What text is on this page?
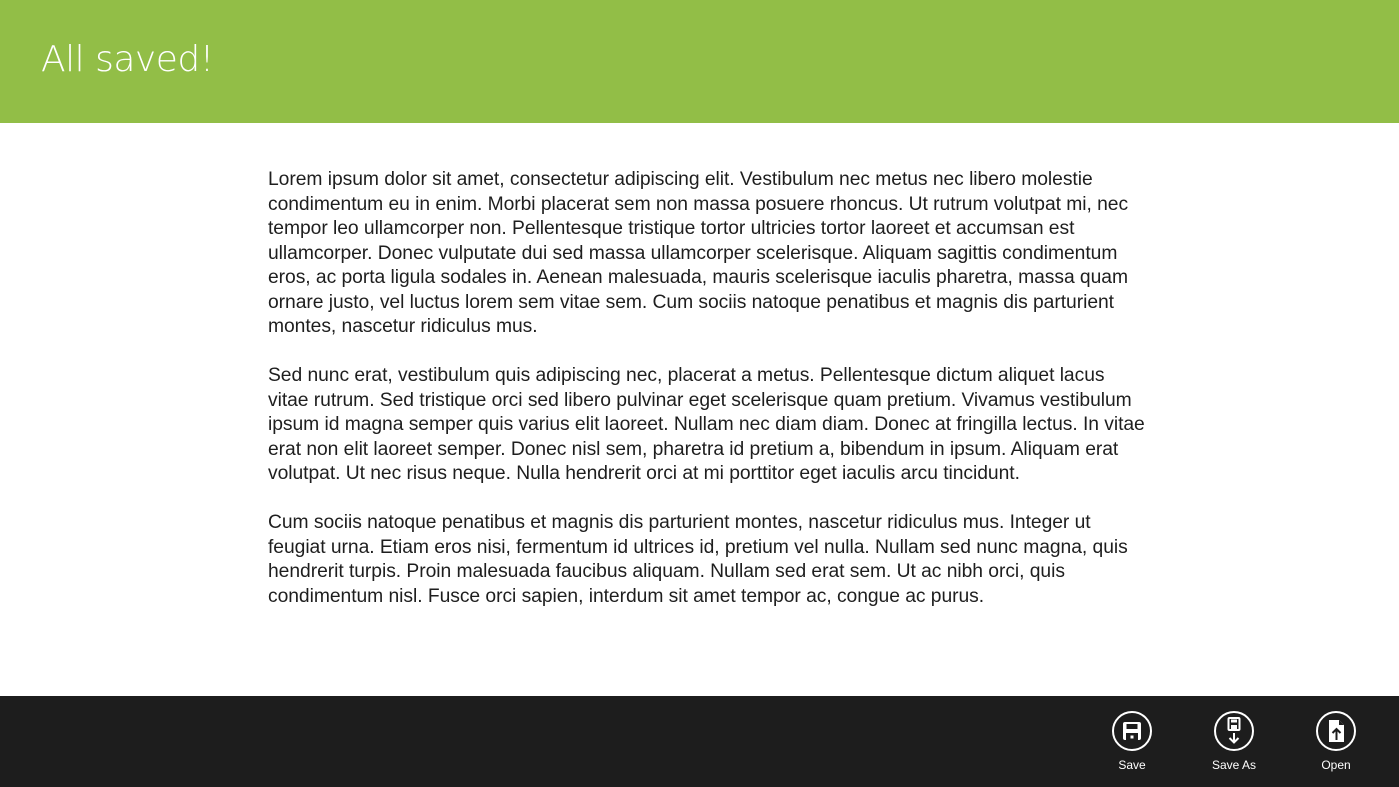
All saved!

Lorem ipsum dolor sit amet, consectetur adipiscing elit. Vestibulum nec metus nec libero molestie condimentum eu in enim. Morbi placerat sem non massa posuere rhoncus. Ut rutrum volutpat mi, nec tempor leo ullamcorper non. Pellentesque tristique tortor ultricies tortor laoreet et accumsan est ullamcorper. Donec vulputate dui sed massa ullamcorper scelerisque. Aliquam sagittis condimentum eros, ac porta ligula sodales in. Aenean malesuada, mauris scelerisque iaculis pharetra, massa quam ornare justo, vel luctus lorem sem vitae sem. Cum sociis natoque penatibus et magnis dis parturient montes, nascetur ridiculus mus.

Sed nunc erat, vestibulum quis adipiscing nec, placerat a metus. Pellentesque dictum aliquet lacus vitae rutrum. Sed tristique orci sed libero pulvinar eget scelerisque quam pretium. Vivamus vestibulum ipsum id magna semper quis varius elit laoreet. Nullam nec diam diam. Donec at fringilla lectus. In vitae erat non elit laoreet semper. Donec nisl sem, pharetra id pretium a, bibendum in ipsum. Aliquam erat volutpat. Ut nec risus neque. Nulla hendrerit orci at mi porttitor eget iaculis arcu tincidunt.

Cum sociis natoque penatibus et magnis dis parturient montes, nascetur ridiculus mus. Integer ut feugiat urna. Etiam eros nisi, fermentum id ultrices id, pretium vel nulla. Nullam sed nunc magna, quis hendrerit turpis. Proin malesuada faucibus aliquam. Nullam sed erat sem. Ut ac nibh orci, quis condimentum nisl. Fusce orci sapien, interdum sit amet tempor ac, congue ac purus.

Save	Save As	Open
